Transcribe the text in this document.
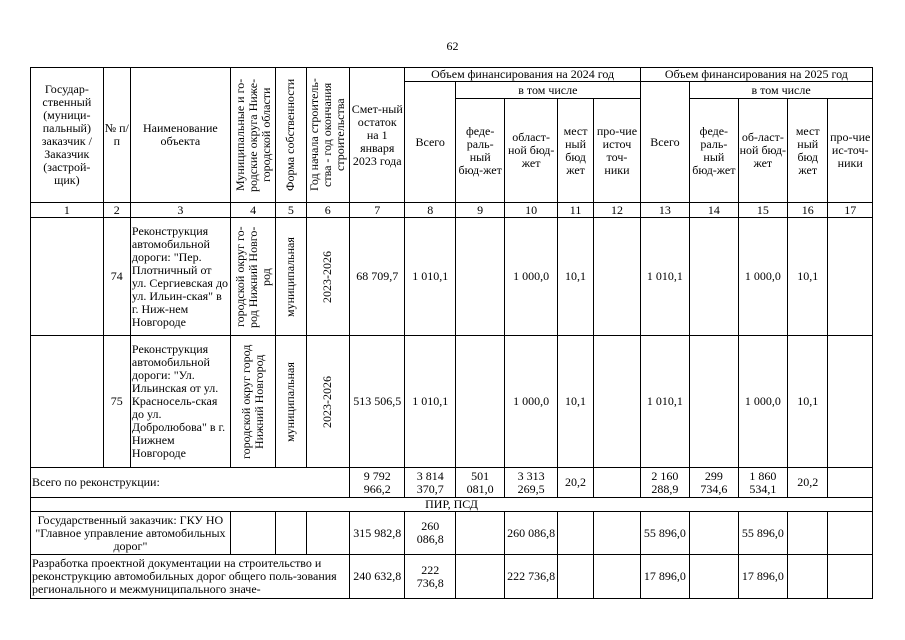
62
Государ-ственный (муници-пальный) заказчик / Заказчик (застрой-щик)	№ п/ п	Наименование объекта	Муниципальные и го-родские округа Ниже-городской области	Форма собственности	Год начала строитель-ства - год окончания строительства	Смет-ный остаток на 1 января 2023 года	Объем финансирования на 2024 год					Объем финансирования на 2025 год				
							Всего	в том числе				Всего	в том числе			
								феде-раль-ный бюд-жет	област-ной бюд-жет	мест ный бюд жет	про-чие источ точ-ники		феде-раль-ный бюд-жет	об-ласт-ной бюд-жет	мест ный бюд жет	про-чие ис-точ-ники
1	2	3	4	5	6	7	8	9	10	11	12	13	14	15	16	17
	74	Реконструкция автомобильной дороги: "Пер. Плотничный от ул. Сергиевская до ул. Ильин-ская" в г. Ниж-нем Новгороде	городской округ го-род Нижний Новго-род	муниципальная	2023-2026	68 709,7	1 010,1		1 000,0	10,1		1 010,1		1 000,0	10,1	
	75	Реконструкция автомобильной дороги: "Ул. Ильинская от ул. Красносель-ская до ул. Добролюбова" в г. Нижнем Новгороде	городской округ город Нижний Новгород	муниципальная	2023-2026	513 506,5	1 010,1		1 000,0	10,1		1 010,1		1 000,0	10,1	
Всего по реконструкции:						9 792 966,2	3 814 370,7	501 081,0	3 313 269,5	20,2		2 160 288,9	299 734,6	1 860 534,1	20,2	
ПИР, ПСД																
Государственный заказчик: ГКУ НО "Главное управление автомобильных дорог"						315 982,8	260 086,8		260 086,8			55 896,0		55 896,0		
Разработка проектной документации на строительство и реконструкцию автомобильных дорог общего поль-зования регионального и межмуниципального значе-						240 632,8	222 736,8		222 736,8			17 896,0		17 896,0		
